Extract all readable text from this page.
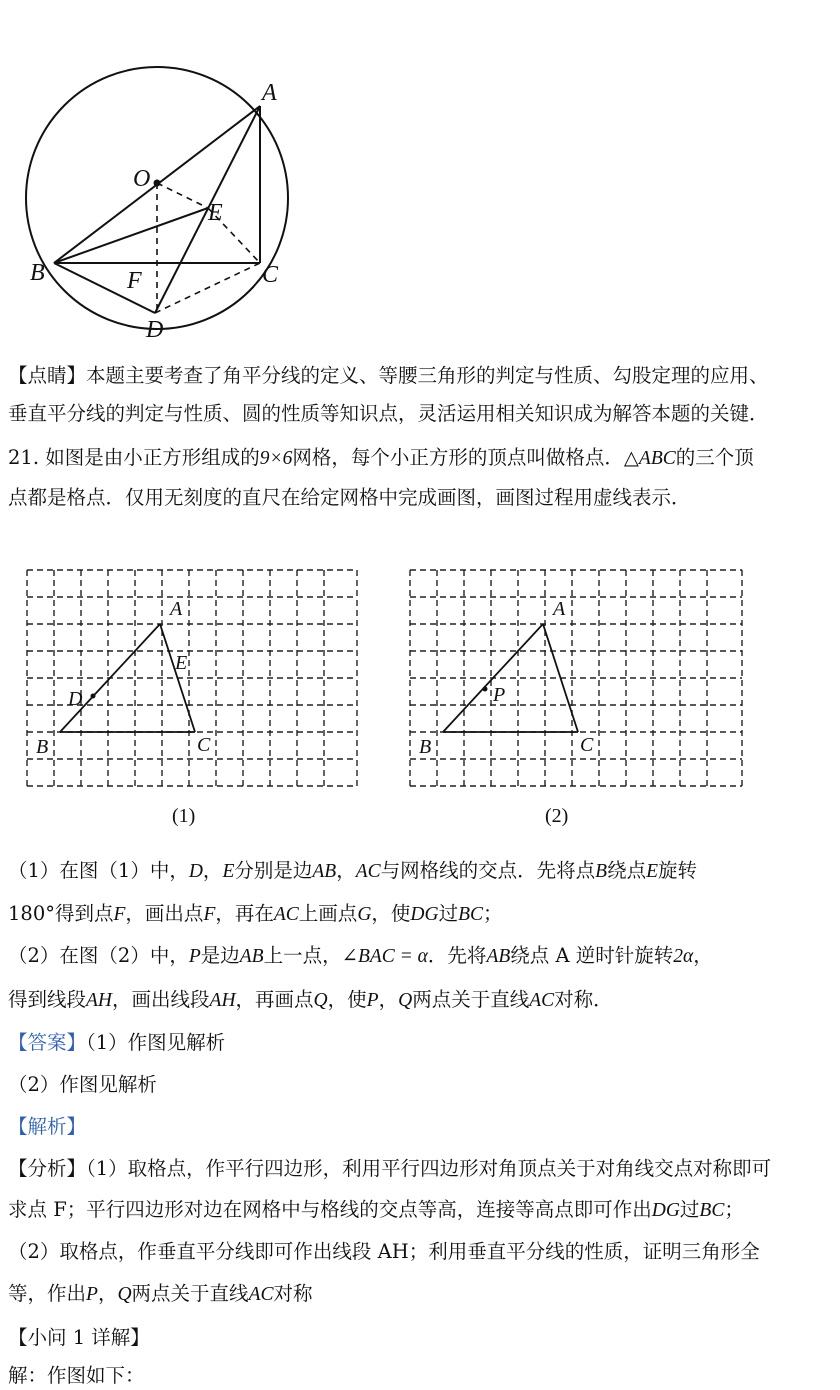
A
O
E
B	F	C
D
【点睛】本题主要考查了角平分线的定义、等腰三角形的判定与性质、勾股定理的应用、
垂直平分线的判定与性质、圆的性质等知识点，灵活运用相关知识成为解答本题的关键．
21. 如图是由小正方形组成的9×6网格，每个小正方形的顶点叫做格点．△ABC的三个顶
点都是格点．仅用无刻度的直尺在给定网格中完成画图，画图过程用虚线表示．
A
E
D
B	C
(1)
A
P
B	C
(2)
（1）在图（1）中，D，E分别是边AB，AC与网格线的交点．先将点B绕点E旋转
180°得到点F，画出点F，再在AC上画点G，使DG过BC；
（2）在图（2）中，P是边AB上一点，∠BAC = α．先将AB绕点 A 逆时针旋转2α，
得到线段AH，画出线段AH，再画点Q，使P，Q两点关于直线AC对称．
【答案】（1）作图见解析
（2）作图见解析
【解析】
【分析】（1）取格点，作平行四边形，利用平行四边形对角顶点关于对角线交点对称即可
求点 F；平行四边形对边在网格中与格线的交点等高，连接等高点即可作出DG过BC；
（2）取格点，作垂直平分线即可作出线段 AH；利用垂直平分线的性质，证明三角形全
等，作出P，Q两点关于直线AC对称
【小问 1 详解】
解：作图如下：
